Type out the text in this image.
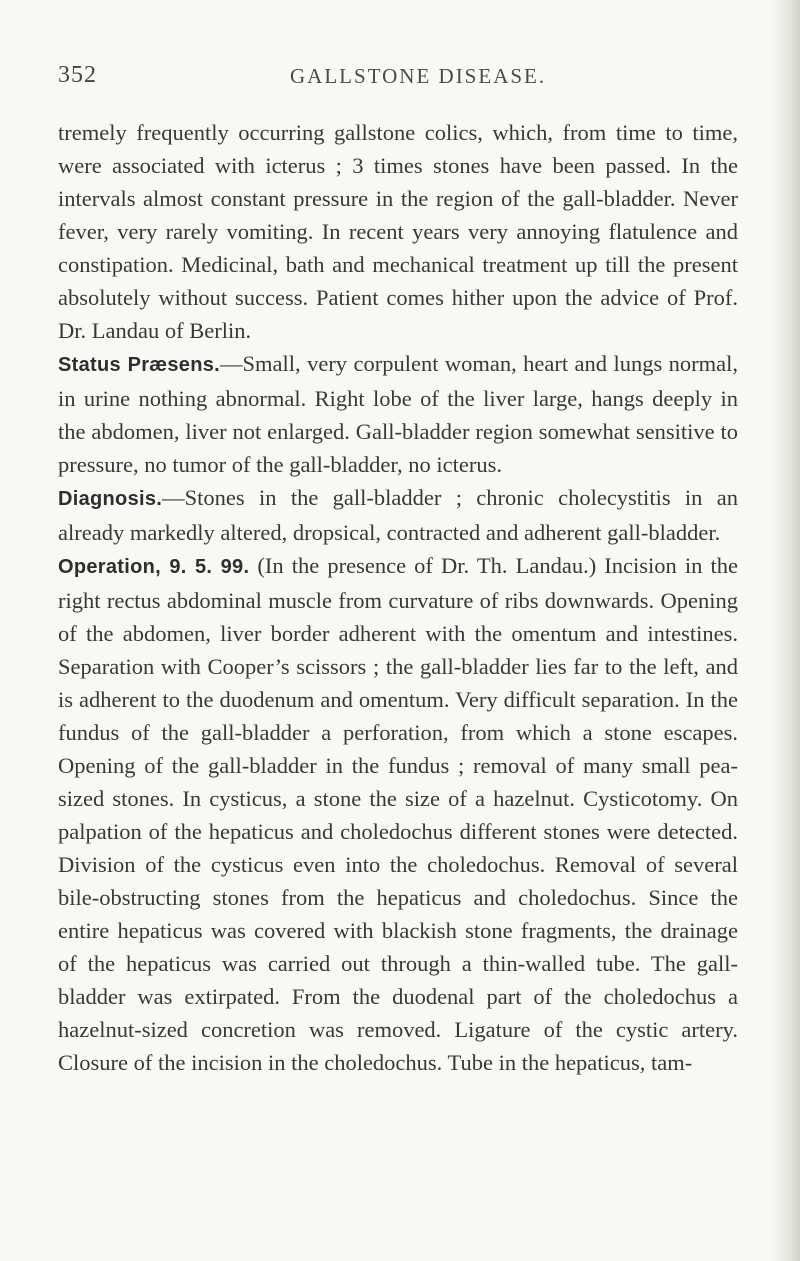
352	GALLSTONE DISEASE.

tremely frequently occurring gallstone colics, which, from time to time, were associated with icterus ; 3 times stones have been passed. In the intervals almost constant pressure in the region of the gall-bladder. Never fever, very rarely vomiting. In recent years very annoying flatulence and constipation. Medicinal, bath and mechanical treatment up till the present absolutely without success. Patient comes hither upon the advice of Prof. Dr. Landau of Berlin.

Status Præsens.—Small, very corpulent woman, heart and lungs normal, in urine nothing abnormal. Right lobe of the liver large, hangs deeply in the abdomen, liver not enlarged. Gall-bladder region somewhat sensitive to pressure, no tumor of the gall-bladder, no icterus.

Diagnosis.—Stones in the gall-bladder ; chronic cholecystitis in an already markedly altered, dropsical, contracted and adherent gall-bladder.

Operation, 9. 5. 99. (In the presence of Dr. Th. Landau.) Incision in the right rectus abdominal muscle from curvature of ribs downwards. Opening of the abdomen, liver border adherent with the omentum and intestines. Separation with Cooper’s scissors ; the gall-bladder lies far to the left, and is adherent to the duodenum and omentum. Very difficult separation. In the fundus of the gall-bladder a perforation, from which a stone escapes. Opening of the gall-bladder in the fundus ; removal of many small pea-sized stones. In cysticus, a stone the size of a hazelnut. Cysticotomy. On palpation of the hepaticus and choledochus different stones were detected. Division of the cysticus even into the choledochus. Removal of several bile-obstructing stones from the hepaticus and choledochus. Since the entire hepaticus was covered with blackish stone fragments, the drainage of the hepaticus was carried out through a thin-walled tube. The gall-bladder was extirpated. From the duodenal part of the choledochus a hazelnut-sized concretion was removed. Ligature of the cystic artery. Closure of the incision in the choledochus. Tube in the hepaticus, tam-
